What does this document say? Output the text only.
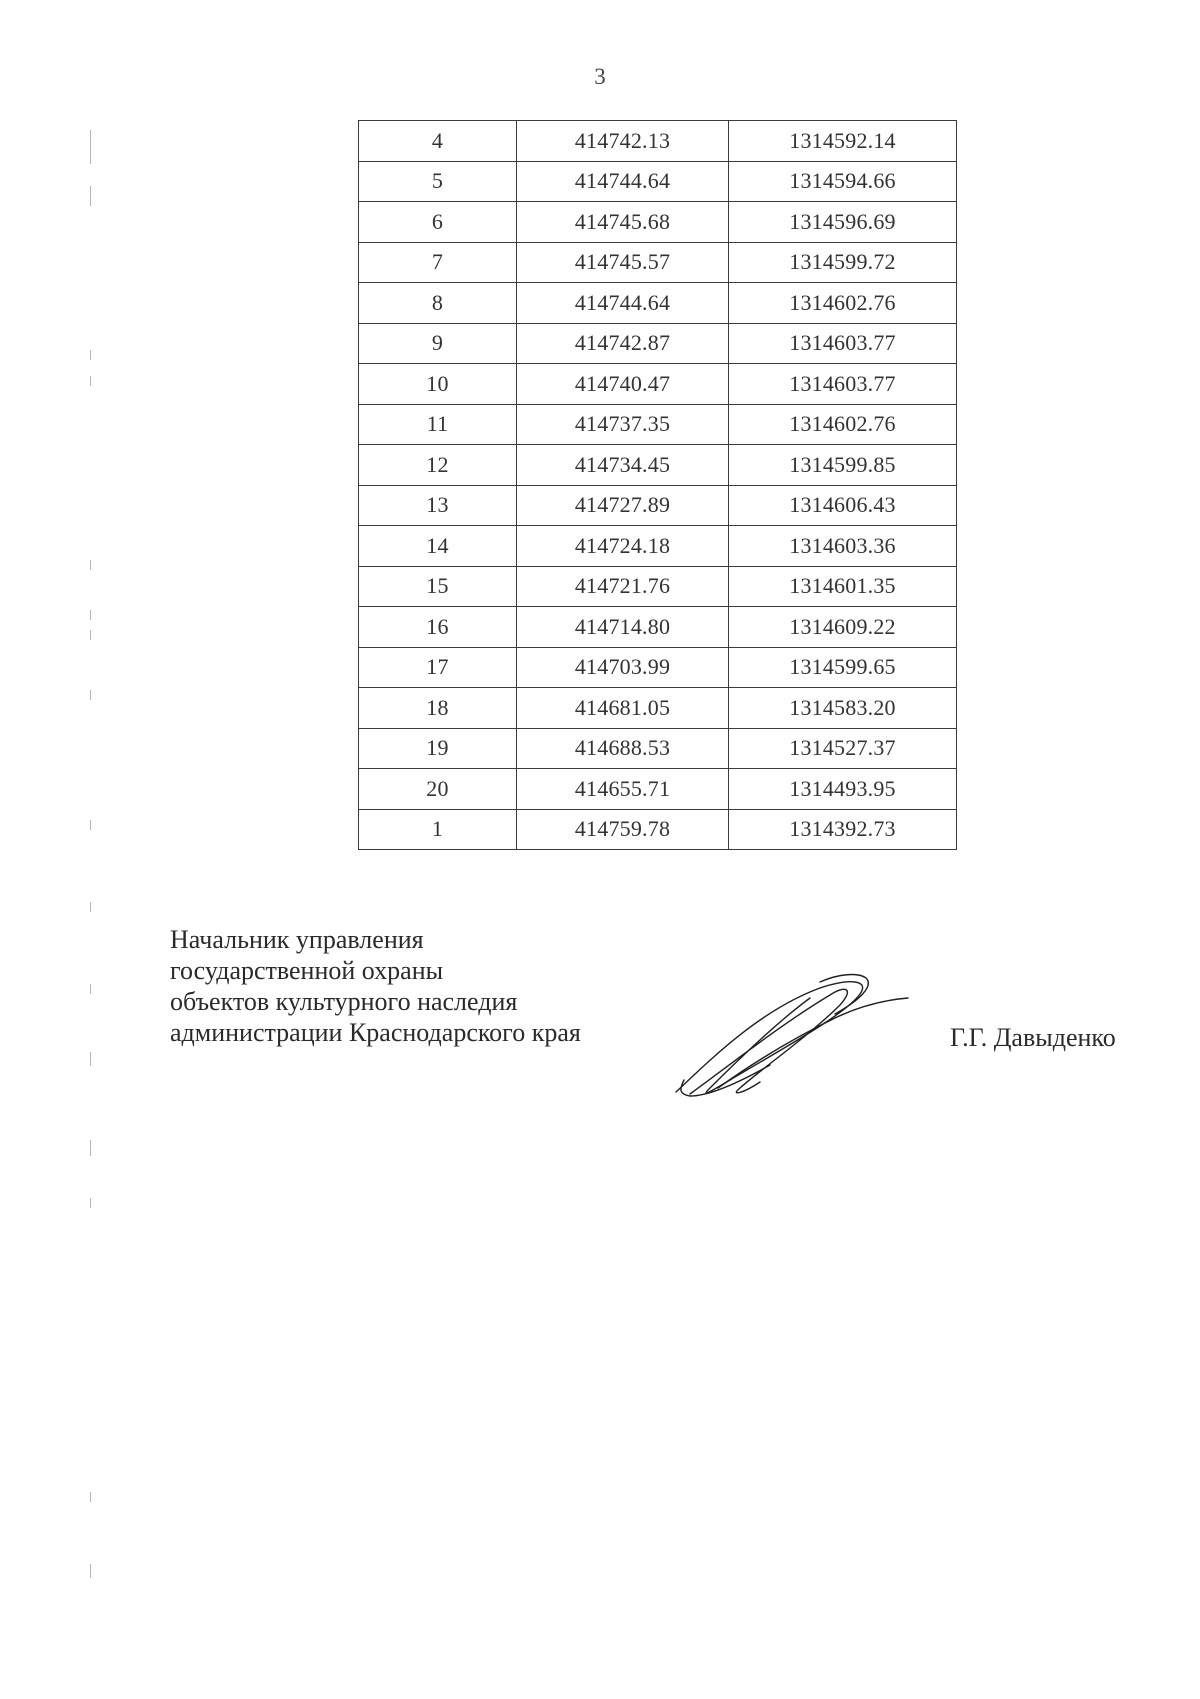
3
4	414742.13	1314592.14
5	414744.64	1314594.66
6	414745.68	1314596.69
7	414745.57	1314599.72
8	414744.64	1314602.76
9	414742.87	1314603.77
10	414740.47	1314603.77
11	414737.35	1314602.76
12	414734.45	1314599.85
13	414727.89	1314606.43
14	414724.18	1314603.36
15	414721.76	1314601.35
16	414714.80	1314609.22
17	414703.99	1314599.65
18	414681.05	1314583.20
19	414688.53	1314527.37
20	414655.71	1314493.95
1	414759.78	1314392.73
Начальник управления
государственной охраны
объектов культурного наследия
администрации Краснодарского края	Г.Г. Давыденко
